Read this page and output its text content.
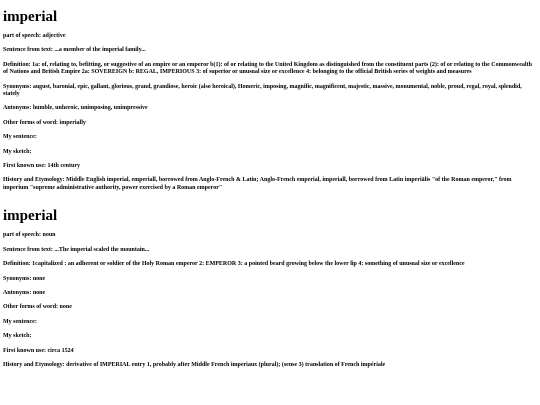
imperial

part of speech: adjective

Sentence from text: ...a member of the imperial family...

Definition: 1a: of, relating to, befitting, or suggestive of an empire or an emperor b(1): of or relating to the United Kingdom as distinguished from the constituent parts (2): of or relating to the Commonwealth of Nations and British Empire 2a: SOVEREIGN b: REGAL, IMPERIOUS 3: of superior or unusual size or excellence 4: belonging to the official British series of weights and measures

Synonyms: august, baronial, epic, gallant, glorious, grand, grandiose, heroic (also heroical), Homeric, imposing, magnific, magnificent, majestic, massive, monumental, noble, proud, regal, royal, splendid, stately

Antonyms: humble, unheroic, unimposing, unimpressive

Other forms of word: imperially

My sentence:

My sketch:

First known use: 14th century

History and Etymology: Middle English imperial, emperiall, borrowed from Anglo-French & Latin; Anglo-French emperial, imperiall, borrowed from Latin imperiālis "of the Roman emperor," from imperium "supreme administrative authority, power exercised by a Roman emperor"

imperial

part of speech: noun

Sentence from text: ...The imperial scaled the mountain...

Definition: 1capitalized : an adherent or soldier of the Holy Roman emperor 2: EMPEROR 3: a pointed beard growing below the lower lip 4: something of unusual size or excellence

Synonyms: none

Antonyms: none

Other forms of word: none

My sentence:

My sketch:

First known use: circa 1524

History and Etymology: derivative of IMPERIAL entry 1, probably after Middle French imperiaux (plural); (sense 3) translation of French impériale
